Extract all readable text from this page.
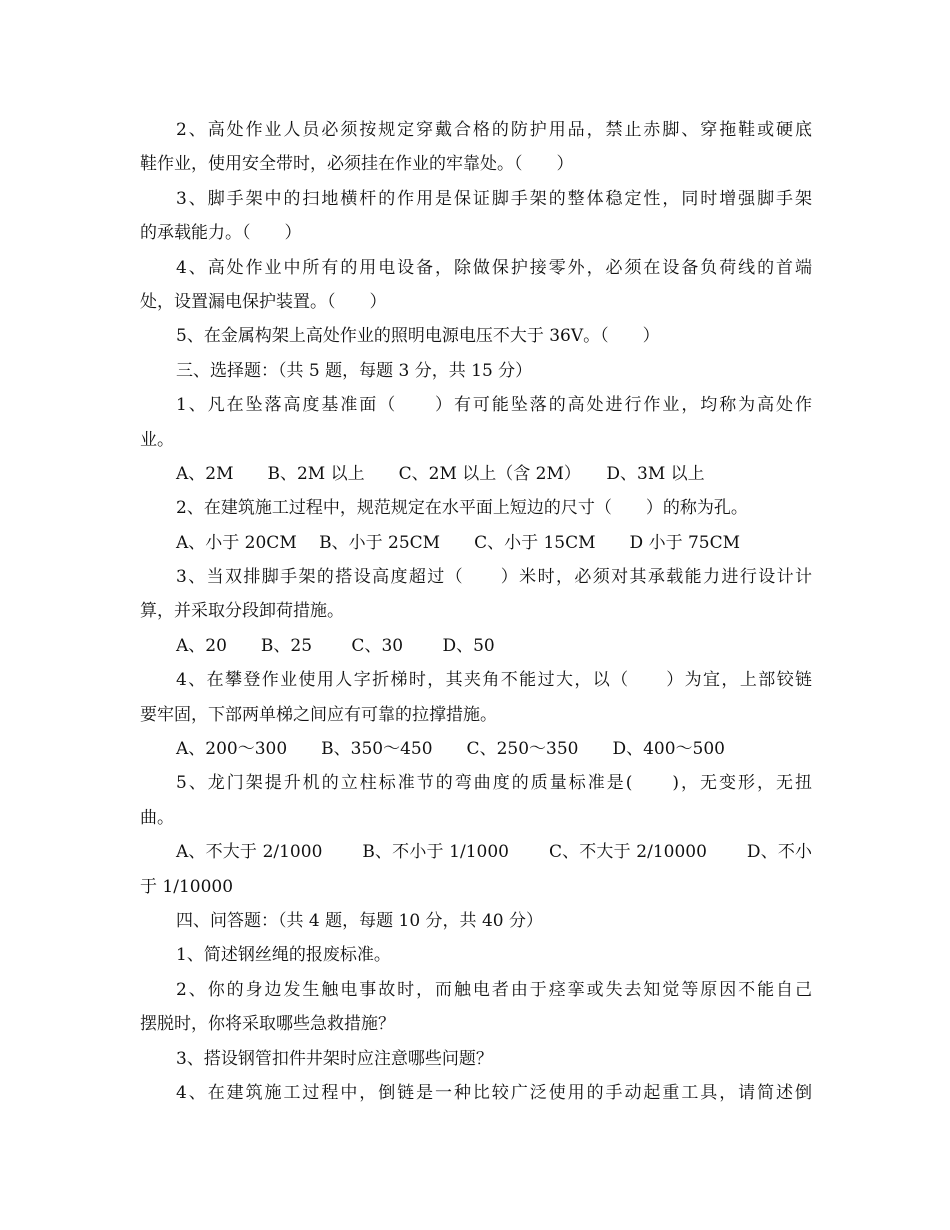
2、高处作业人员必须按规定穿戴合格的防护用品，禁止赤脚、穿拖鞋或硬底
鞋作业，使用安全带时，必须挂在作业的牢靠处。（　　）
3、脚手架中的扫地横杆的作用是保证脚手架的整体稳定性，同时增强脚手架
的承载能力。（　　）
4、高处作业中所有的用电设备，除做保护接零外，必须在设备负荷线的首端
处，设置漏电保护装置。（　　）
5、在金属构架上高处作业的照明电源电压不大于 36V。（　　）
三、选择题：（共 5 题，每题 3 分，共 15 分）
1、凡在坠落高度基准面（　　）有可能坠落的高处进行作业，均称为高处作
业。
A、2M　　B、2M 以上　　C、2M 以上（含 2M）　　D、3M 以上
2、在建筑施工过程中，规范规定在水平面上短边的尺寸（　　）的称为孔。
A、小于 20CM　 B、小于 25CM　　C、小于 15CM　　D 小于 75CM
3、当双排脚手架的搭设高度超过（　　）米时，必须对其承载能力进行设计计
算，并采取分段卸荷措施。
A、20　　B、25　　 C、30　　 D、50
4、在攀登作业使用人字折梯时，其夹角不能过大，以（　　）为宜，上部铰链
要牢固，下部两单梯之间应有可靠的拉撑措施。
A、200～300　　B、350～450　　C、250～350　　D、400～500
5、龙门架提升机的立柱标准节的弯曲度的质量标准是(　　)，无变形，无扭
曲。
A、不大于 2/1000　　 B、不小于 1/1000　　 C、不大于 2/10000　　 D、不小
于 1/10000
四、问答题：（共 4 题，每题 10 分，共 40 分）
1、简述钢丝绳的报废标准。
2、你的身边发生触电事故时，而触电者由于痉挛或失去知觉等原因不能自己
摆脱时，你将采取哪些急救措施？
3、搭设钢管扣件井架时应注意哪些问题？
4、在建筑施工过程中，倒链是一种比较广泛使用的手动起重工具，请简述倒
